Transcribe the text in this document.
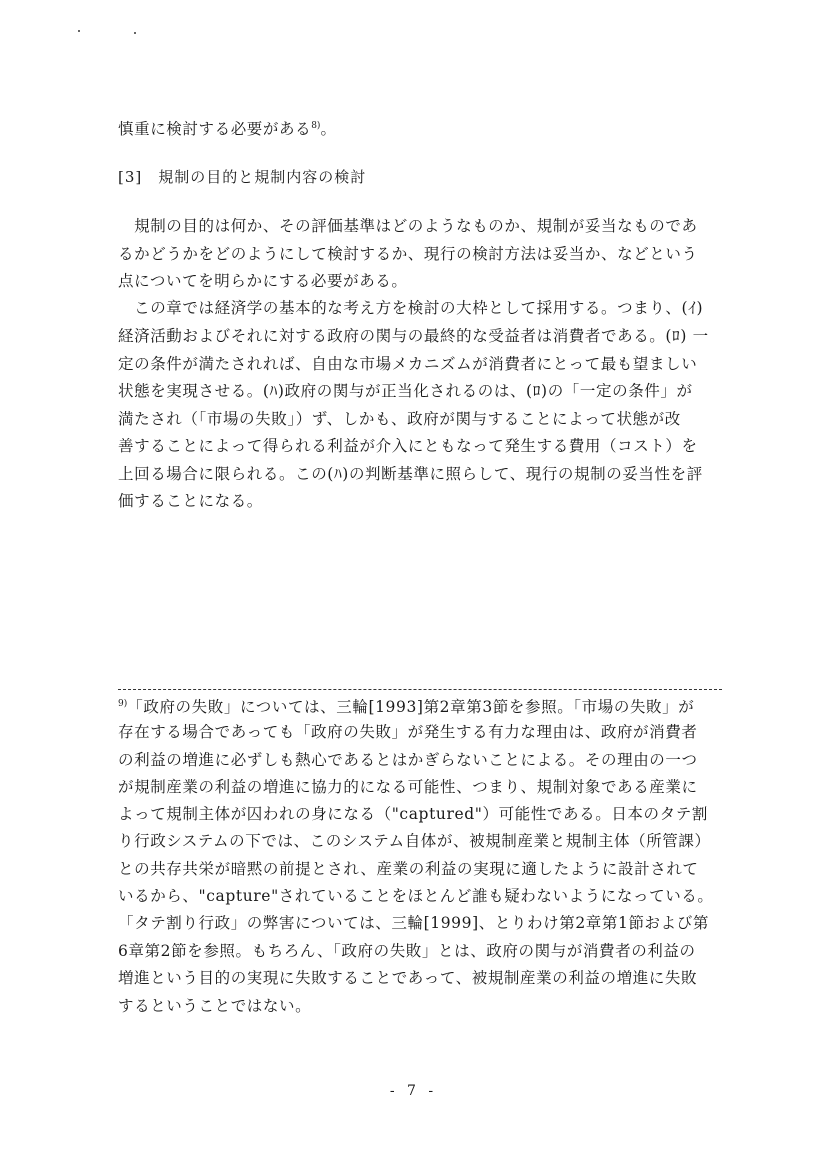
慎重に検討する必要がある$^{8)}$。
[3]　規制の目的と規制内容の検討
　規制の目的は何か、その評価基準はどのようなものか、規制が妥当なものであ
るかどうかをどのようにして検討するか、現行の検討方法は妥当か、などという
点についてを明らかにする必要がある。
　この章では経済学の基本的な考え方を検討の大枠として採用する。つまり、(ｲ)
経済活動およびそれに対する政府の関与の最終的な受益者は消費者である。(ﾛ) 一
定の条件が満たされれば、自由な市場メカニズムが消費者にとって最も望ましい
状態を実現させる。(ﾊ)政府の関与が正当化されるのは、(ﾛ)の「一定の条件」が
満たされ（「市場の失敗」）ず、しかも、政府が関与することによって状態が改
善することによって得られる利益が介入にともなって発生する費用（コスト）を
上回る場合に限られる。この(ﾊ)の判断基準に照らして、現行の規制の妥当性を評
価することになる。
$^{9)}$「政府の失敗」については、三輪[1993]第2章第3節を参照。「市場の失敗」が
存在する場合であっても「政府の失敗」が発生する有力な理由は、政府が消費者
の利益の増進に必ずしも熱心であるとはかぎらないことによる。その理由の一つ
が規制産業の利益の増進に協力的になる可能性、つまり、規制対象である産業に
よって規制主体が囚われの身になる（"captured"）可能性である。日本のタテ割
り行政システムの下では、このシステム自体が、被規制産業と規制主体（所管課）
との共存共栄が暗黙の前提とされ、産業の利益の実現に適したように設計されて
いるから、"capture"されていることをほとんど誰も疑わないようになっている。
「タテ割り行政」の弊害については、三輪[1999]、とりわけ第2章第1節および第
6章第2節を参照。もちろん、「政府の失敗」とは、政府の関与が消費者の利益の
増進という目的の実現に失敗することであって、被規制産業の利益の増進に失敗
するということではない。
- 7 -
